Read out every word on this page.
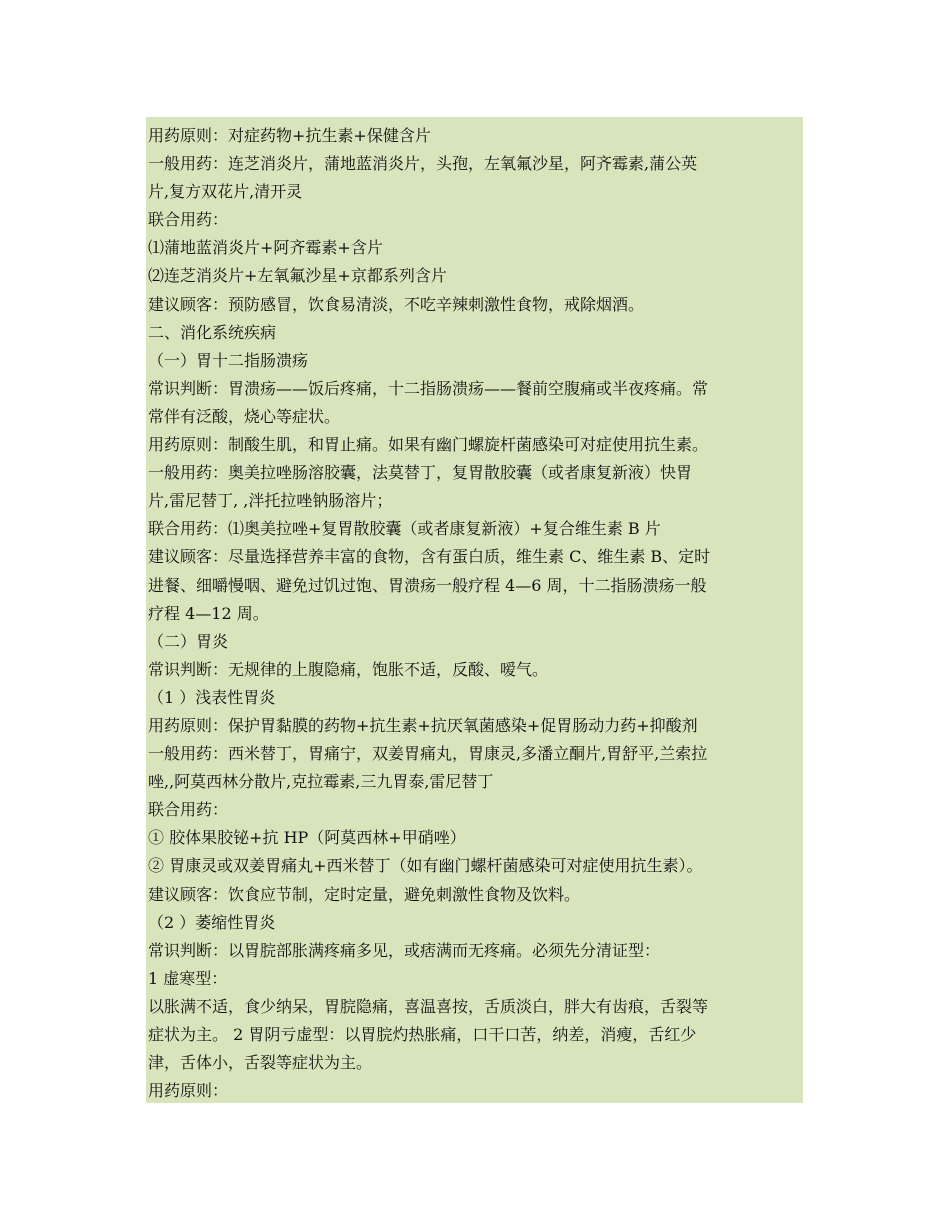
用药原则：对症药物+抗生素+保健含片
一般用药：连芝消炎片，蒲地蓝消炎片，头孢，左氧氟沙星，阿齐霉素,蒲公英
片,复方双花片,清开灵
联合用药：
⑴蒲地蓝消炎片+阿齐霉素+含片
⑵连芝消炎片+左氧氟沙星+京都系列含片
建议顾客：预防感冒，饮食易清淡，不吃辛辣刺激性食物，戒除烟酒。
二、消化系统疾病
（一）胃十二指肠溃疡
常识判断：胃溃疡——饭后疼痛，十二指肠溃疡——餐前空腹痛或半夜疼痛。常
常伴有泛酸，烧心等症状。
用药原则：制酸生肌，和胃止痛。如果有幽门螺旋杆菌感染可对症使用抗生素。
一般用药：奥美拉唑肠溶胶囊，法莫替丁，复胃散胶囊（或者康复新液）快胃
片,雷尼替丁, ,泮托拉唑钠肠溶片；
联合用药：⑴奥美拉唑+复胃散胶囊（或者康复新液）+复合维生素 B 片
建议顾客：尽量选择营养丰富的食物，含有蛋白质，维生素 C、维生素 B、定时
进餐、细嚼慢咽、避免过饥过饱、胃溃疡一般疗程 4—6 周，十二指肠溃疡一般
疗程 4—12 周。
（二）胃炎
常识判断：无规律的上腹隐痛，饱胀不适，反酸、嗳气。
（1 ）浅表性胃炎
用药原则：保护胃黏膜的药物+抗生素+抗厌氧菌感染+促胃肠动力药+抑酸剂
一般用药：西米替丁，胃痛宁，双姜胃痛丸，胃康灵,多潘立酮片,胃舒平,兰索拉
唑,,阿莫西林分散片,克拉霉素,三九胃泰,雷尼替丁
联合用药：
① 胶体果胶铋+抗 HP（阿莫西林+甲硝唑）
② 胃康灵或双姜胃痛丸+西米替丁（如有幽门螺杆菌感染可对症使用抗生素）。
建议顾客：饮食应节制，定时定量，避免刺激性食物及饮料。
（2 ）萎缩性胃炎
常识判断：以胃脘部胀满疼痛多见，或痞满而无疼痛。必须先分清证型：
1 虚寒型：
以胀满不适，食少纳呆，胃脘隐痛，喜温喜按，舌质淡白，胖大有齿痕，舌裂等
症状为主。 2 胃阴亏虚型：以胃脘灼热胀痛，口干口苦，纳差，消瘦，舌红少
津，舌体小，舌裂等症状为主。
用药原则：
